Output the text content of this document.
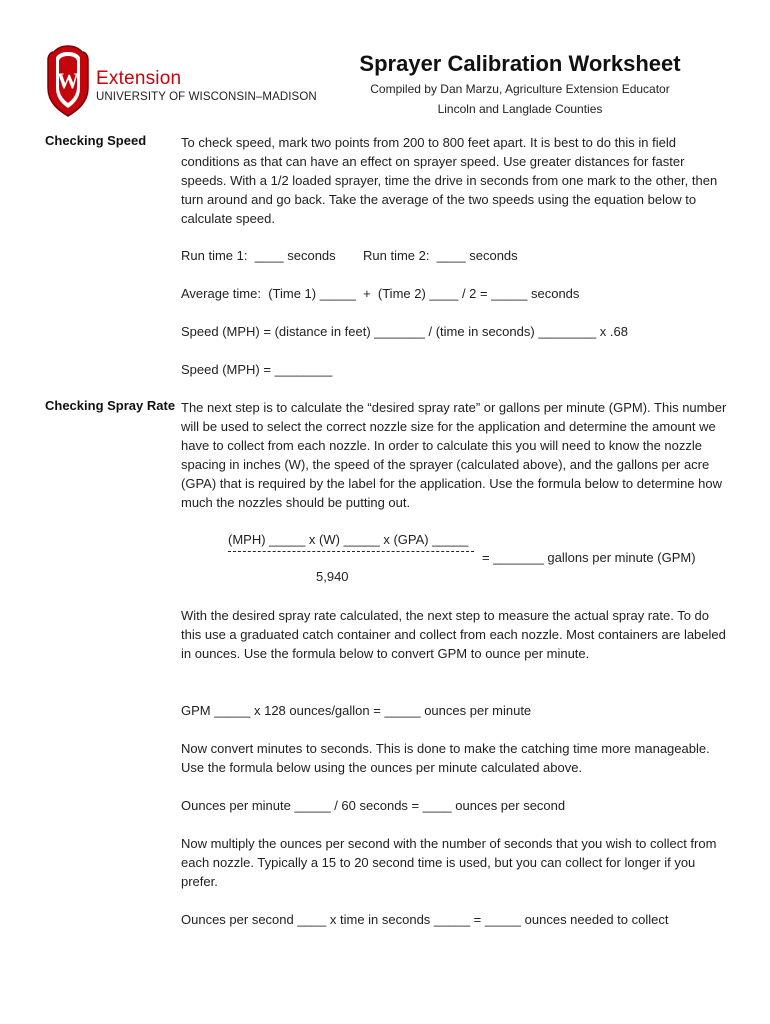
W Extension
UNIVERSITY OF WISCONSIN–MADISON
Sprayer Calibration Worksheet
Compiled by Dan Marzu, Agriculture Extension Educator
Lincoln and Langlade Counties
Checking Speed	To check speed, mark two points from 200 to 800 feet apart. It is best to do this in field conditions as that can have an effect on sprayer speed. Use greater distances for faster speeds. With a 1/2 loaded sprayer, time the drive in seconds from one mark to the other, then turn around and go back. Take the average of the two speeds using the equation below to calculate speed.

Run time 1:  ____ seconds Run time 2:  ____ seconds
Average time:  (Time 1) _____  +  (Time 2) ____ / 2 = _____ seconds
Speed (MPH) = (distance in feet) _______ / (time in seconds) ________ x .68
Speed (MPH) = ________
Checking Spray Rate The next step is to calculate the “desired spray rate” or gallons per minute (GPM). This number will be used to select the correct nozzle size for the application and determine the amount we have to collect from each nozzle. In order to calculate this you will need to know the nozzle spacing in inches (W), the speed of the sprayer (calculated above), and the gallons per acre (GPA) that is required by the label for the application. Use the formula below to determine how much the nozzles should be putting out.

(MPH) _____ x (W) _____ x (GPA) _____
= _______ gallons per minute (GPM)
5,940

With the desired spray rate calculated, the next step to measure the actual spray rate. To do this use a graduated catch container and collect from each nozzle. Most containers are labeled in ounces. Use the formula below to convert GPM to ounce per minute.

GPM _____ x 128 ounces/gallon = _____ ounces per minute

Now convert minutes to seconds. This is done to make the catching time more manageable. Use the formula below using the ounces per minute calculated above.

Ounces per minute _____ / 60 seconds = ____ ounces per second

Now multiply the ounces per second with the number of seconds that you wish to collect from each nozzle. Typically a 15 to 20 second time is used, but you can collect for longer if you prefer.

Ounces per second ____ x time in seconds _____ = _____ ounces needed to collect
